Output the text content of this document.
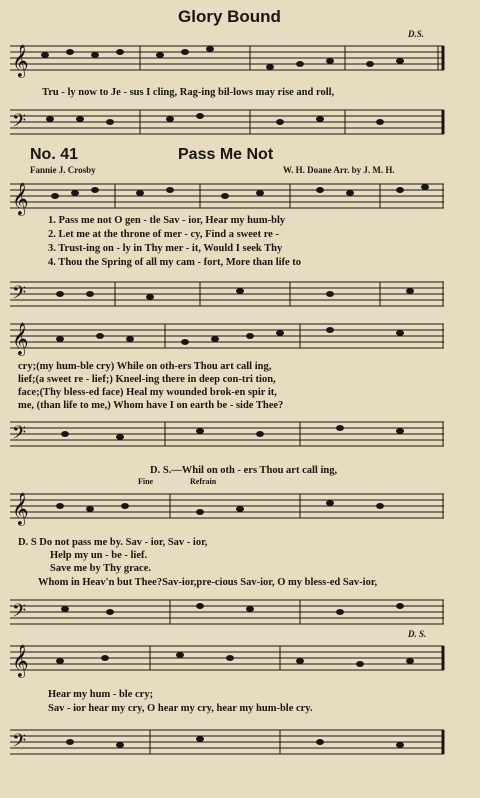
Glory Bound
D.S.
𝄞
Tru - ly now to Je - sus I cling, Rag-ing bil-lows may rise and roll,
𝄢
No. 41	Pass Me Not
Fannie J. Crosby	W. H. Doane Arr. by J. M. H.
𝄞
1. Pass me not O gen - tle Sav - ior, Hear my hum-bly
2. Let me at the throne of mer - cy, Find a sweet re -
3. Trust-ing on - ly in Thy mer - it, Would I seek Thy
4. Thou the Spring of all my cam - fort, More than life to
𝄢
𝄞
cry;(my hum-ble cry) While on oth-ers Thou art call ing,
lief;(a sweet re - lief;) Kneel-ing there in deep con-tri tion,
face;(Thy bless-ed face) Heal my wounded brok-en spir it,
me, (than life to me,) Whom have I on earth be - side Thee?
𝄢
D. S.—Whil on oth - ers Thou art call ing,
Fine	Refrain
𝄞
D. S Do not pass me by. Sav - ior, Sav - ior,
Help my un - be - lief.
Save me by Thy grace.
Whom in Heav'n but Thee?Sav-ior,pre-cious Sav-ior, O my bless-ed Sav-ior,
𝄢
D. S.
𝄞
Hear my hum - ble cry;
Sav - ior hear my cry, O hear my cry, hear my hum-ble cry.
𝄢
